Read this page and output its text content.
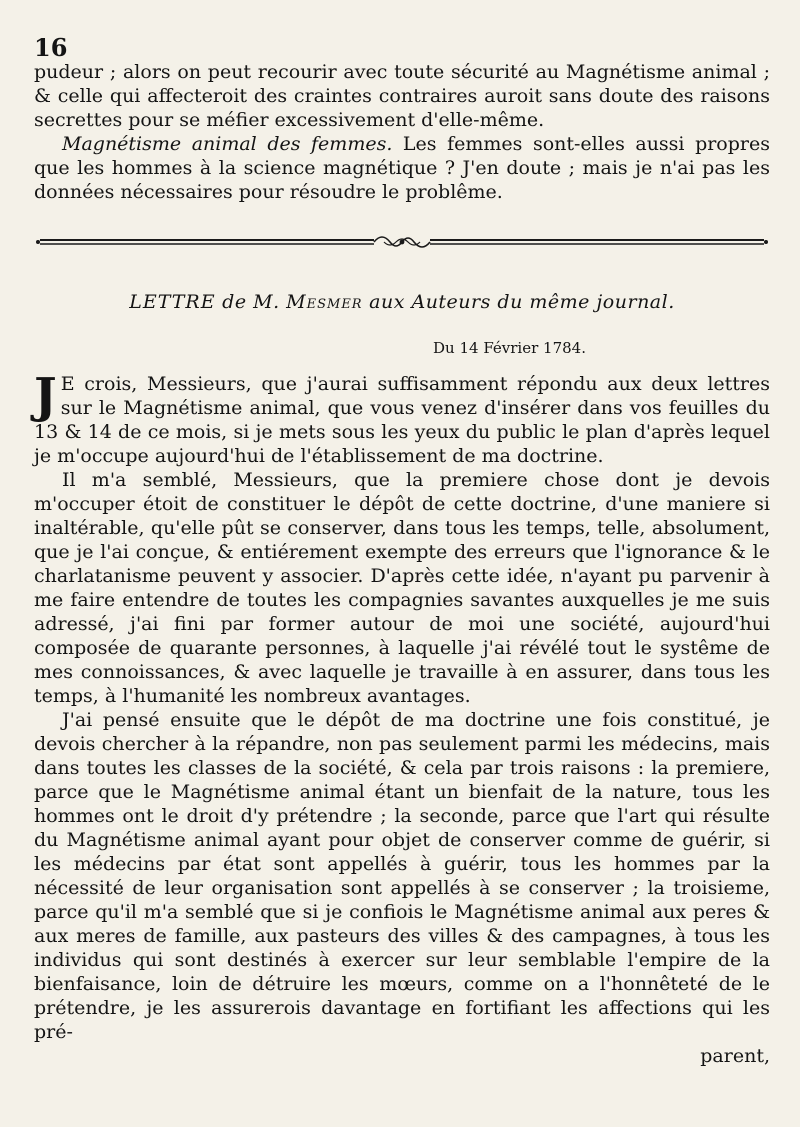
16

pudeur ; alors on peut recourir avec toute sécurité au Magnétisme animal ; & celle qui affecteroit des craintes contraires auroit sans doute des raisons secrettes pour se méfier excessivement d'elle-même.

Magnétisme animal des femmes. Les femmes sont-elles aussi propres que les hommes à la science magnétique ? J'en doute ; mais je n'ai pas les données nécessaires pour résoudre le problême.

LETTRE de M. Mesmer aux Auteurs du même journal.
Du 14 Février 1784.

J E crois, Messieurs, que j'aurai suffisamment répondu aux deux lettres sur le Magnétisme animal, que vous venez d'insérer dans vos feuilles du 13 & 14 de ce mois, si je mets sous les yeux du public le plan d'après lequel je m'occupe aujourd'hui de l'établissement de ma doctrine.

Il m'a semblé, Messieurs, que la premiere chose dont je devois m'occuper étoit de constituer le dépôt de cette doctrine, d'une maniere si inaltérable, qu'elle pût se conserver, dans tous les temps, telle, absolument, que je l'ai conçue, & entiérement exempte des erreurs que l'ignorance & le charlatanisme peuvent y associer. D'après cette idée, n'ayant pu parvenir à me faire entendre de toutes les compagnies savantes auxquelles je me suis adressé, j'ai fini par former autour de moi une société, aujourd'hui composée de quarante personnes, à laquelle j'ai révélé tout le systême de mes connoissances, & avec laquelle je travaille à en assurer, dans tous les temps, à l'humanité les nombreux avantages.

J'ai pensé ensuite que le dépôt de ma doctrine une fois constitué, je devois chercher à la répandre, non pas seulement parmi les médecins, mais dans toutes les classes de la société, & cela par trois raisons : la premiere, parce que le Magnétisme animal étant un bienfait de la nature, tous les hommes ont le droit d'y prétendre ; la seconde, parce que l'art qui résulte du Magnétisme animal ayant pour objet de conserver comme de guérir, si les médecins par état sont appellés à guérir, tous les hommes par la nécessité de leur organisation sont appellés à se conserver ; la troisieme, parce qu'il m'a semblé que si je confiois le Magnétisme animal aux peres & aux meres de famille, aux pasteurs des villes & des campagnes, à tous les individus qui sont destinés à exercer sur leur semblable l'empire de la bienfaisance, loin de détruire les mœurs, comme on a l'honnêteté de le prétendre, je les assurerois davantage en fortifiant les affections qui les pré-

parent,
